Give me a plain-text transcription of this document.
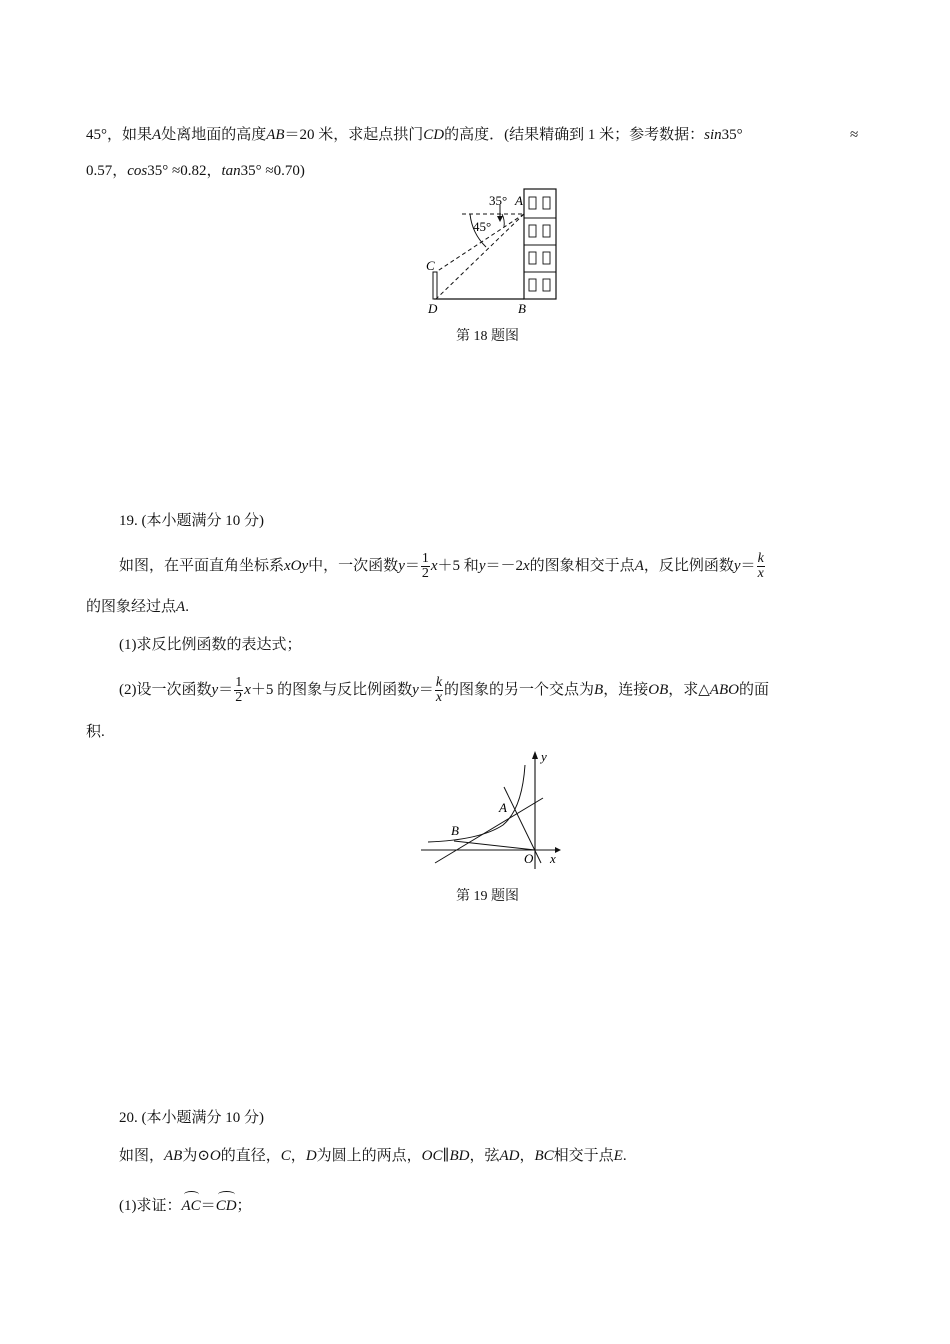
45°，如果A处离地面的高度AB＝20 米，求起点拱门CD的高度．(结果精确到 1 米；参考数据：sin35°	≈
0.57，cos35° ≈0.82，tan35° ≈0.70)
35° A
45°
C
D	B
第 18 题图
19. (本小题满分 10 分)
如图，在平面直角坐标系xOy中，一次函数$y= \frac{1}{2} x+5$ 和y＝－2x的图象相交于点A，反比例函数$y= \frac{k}{x}$
的图象经过点A.
(1)求反比例函数的表达式；
(2)设一次函数$y= \frac{1}{2} x+5$ 的图象与反比例函数$y= \frac{k}{x}$ 的图象的另一个交点为B，连接OB，求△ABO的面
积.
A
B
O x
y
第 19 题图
20. (本小题满分 10 分)
如图，AB为⊙O的直径，C，D为圆上的两点，OC∥BD，弦AD，BC相交于点E.
(1)求证：AC＝CD；
